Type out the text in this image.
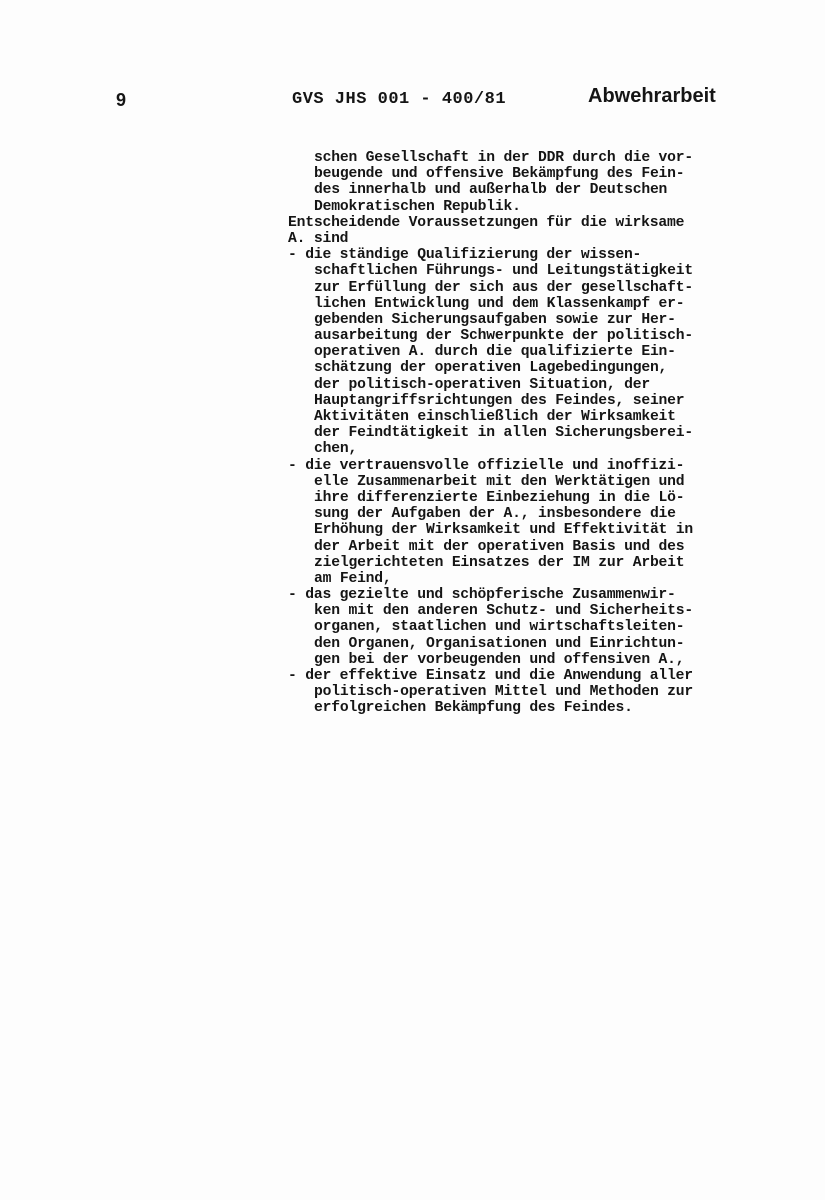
9	GVS JHS 001 - 400/81	Abwehrarbeit
schen Gesellschaft in der DDR durch die vor-
beugende und offensive Bekämpfung des Fein-
des innerhalb und außerhalb der Deutschen
Demokratischen Republik.
Entscheidende Voraussetzungen für die wirksame
A. sind
- die ständige Qualifizierung der wissen-
schaftlichen Führungs- und Leitungstätigkeit
zur Erfüllung der sich aus der gesellschaft-
lichen Entwicklung und dem Klassenkampf er-
gebenden Sicherungsaufgaben sowie zur Her-
ausarbeitung der Schwerpunkte der politisch-
operativen A. durch die qualifizierte Ein-
schätzung der operativen Lagebedingungen,
der politisch-operativen Situation, der
Hauptangriffsrichtungen des Feindes, seiner
Aktivitäten einschließlich der Wirksamkeit
der Feindtätigkeit in allen Sicherungsberei-
chen,
- die vertrauensvolle offizielle und inoffizi-
elle Zusammenarbeit mit den Werktätigen und
ihre differenzierte Einbeziehung in die Lö-
sung der Aufgaben der A., insbesondere die
Erhöhung der Wirksamkeit und Effektivität in
der Arbeit mit der operativen Basis und des
zielgerichteten Einsatzes der IM zur Arbeit
am Feind,
- das gezielte und schöpferische Zusammenwir-
ken mit den anderen Schutz- und Sicherheits-
organen, staatlichen und wirtschaftsleiten-
den Organen, Organisationen und Einrichtun-
gen bei der vorbeugenden und offensiven A.,
- der effektive Einsatz und die Anwendung aller
politisch-operativen Mittel und Methoden zur
erfolgreichen Bekämpfung des Feindes.
